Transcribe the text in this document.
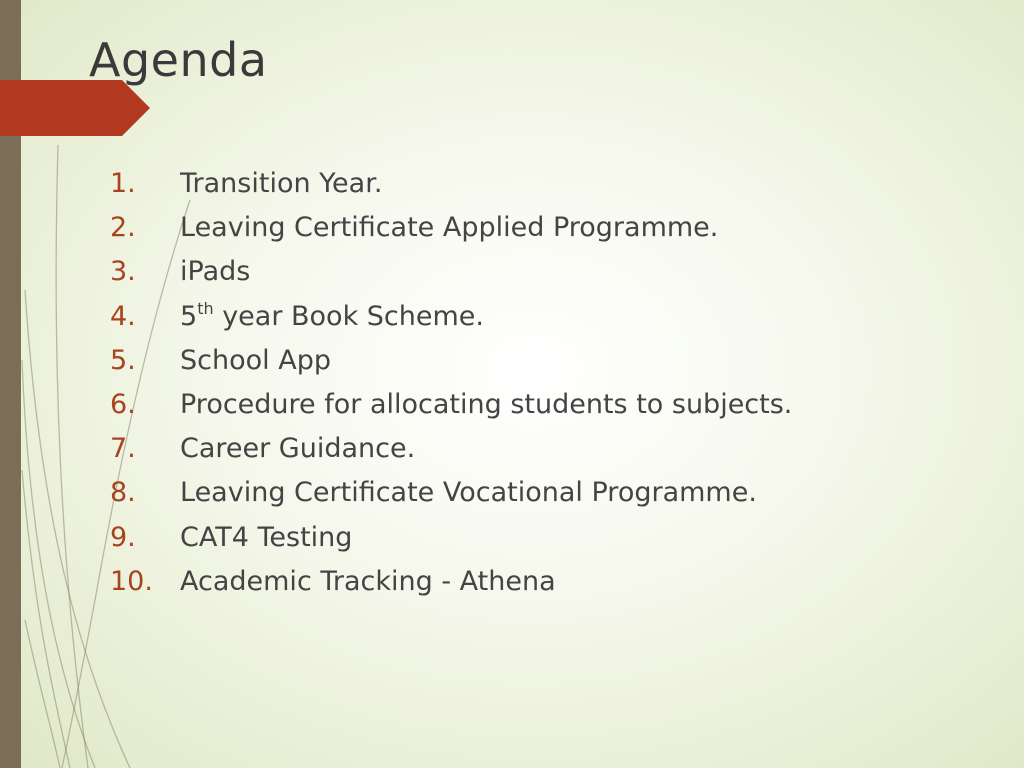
Agenda
1.	Transition Year.
2.	Leaving Certificate Applied Programme.
3.	iPads
4.	5th year Book Scheme.
5.	School App
6.	Procedure for allocating students to subjects.
7.	Career Guidance.
8.	Leaving Certificate Vocational Programme.
9.	CAT4 Testing
10.	Academic Tracking - Athena
